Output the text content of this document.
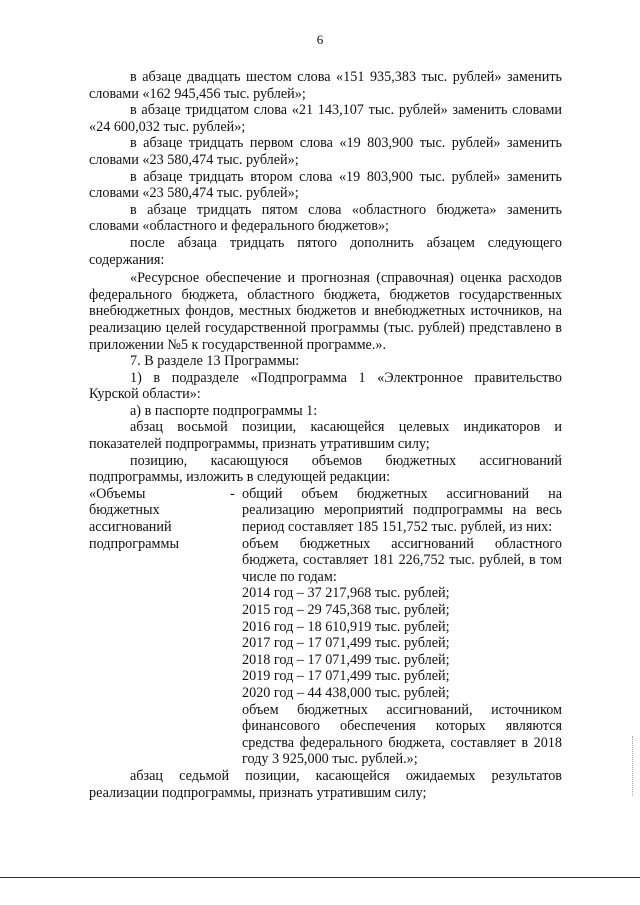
6

в абзаце двадцать шестом слова «151 935,383 тыс. рублей» заменить словами «162 945,456 тыс. рублей»;

в абзаце тридцатом слова «21 143,107 тыс. рублей» заменить словами «24 600,032 тыс. рублей»;

в абзаце тридцать первом слова «19 803,900 тыс. рублей» заменить словами «23 580,474 тыс. рублей»;

в абзаце тридцать втором слова «19 803,900 тыс. рублей» заменить словами «23 580,474 тыс. рублей»;

в абзаце тридцать пятом слова «областного бюджета» заменить словами «областного и федерального бюджетов»;

после абзаца тридцать пятого дополнить абзацем следующего содержания:

«Ресурсное обеспечение и прогнозная (справочная) оценка расходов федерального бюджета, областного бюджета, бюджетов государственных внебюджетных фондов, местных бюджетов и внебюджетных источников, на реализацию целей государственной программы (тыс. рублей) представлено в приложении №5 к государственной программе.».

7. В разделе 13 Программы:

1) в подразделе «Подпрограмма 1 «Электронное правительство Курской области»:

а) в паспорте подпрограммы 1:

абзац восьмой позиции, касающейся целевых индикаторов и показателей подпрограммы, признать утратившим силу;

позицию, касающуюся объемов бюджетных ассигнований подпрограммы, изложить в следующей редакции:

«Объемы
бюджетных
ассигнований
подпрограммы
- общий объем бюджетных ассигнований на реализацию мероприятий подпрограммы на весь период составляет 185 151,752 тыс. рублей, из них:
объем бюджетных ассигнований областного бюджета, составляет 181 226,752 тыс. рублей, в том числе по годам:
2014 год – 37 217,968 тыс. рублей;
2015 год – 29 745,368 тыс. рублей;
2016 год – 18 610,919 тыс. рублей;
2017 год – 17 071,499 тыс. рублей;
2018 год – 17 071,499 тыс. рублей;
2019 год – 17 071,499 тыс. рублей;
2020 год – 44 438,000 тыс. рублей;
объем бюджетных ассигнований, источником финансового обеспечения которых являются средства федерального бюджета, составляет в 2018 году 3 925,000 тыс. рублей.»;

абзац седьмой позиции, касающейся ожидаемых результатов реализации подпрограммы, признать утратившим силу;
